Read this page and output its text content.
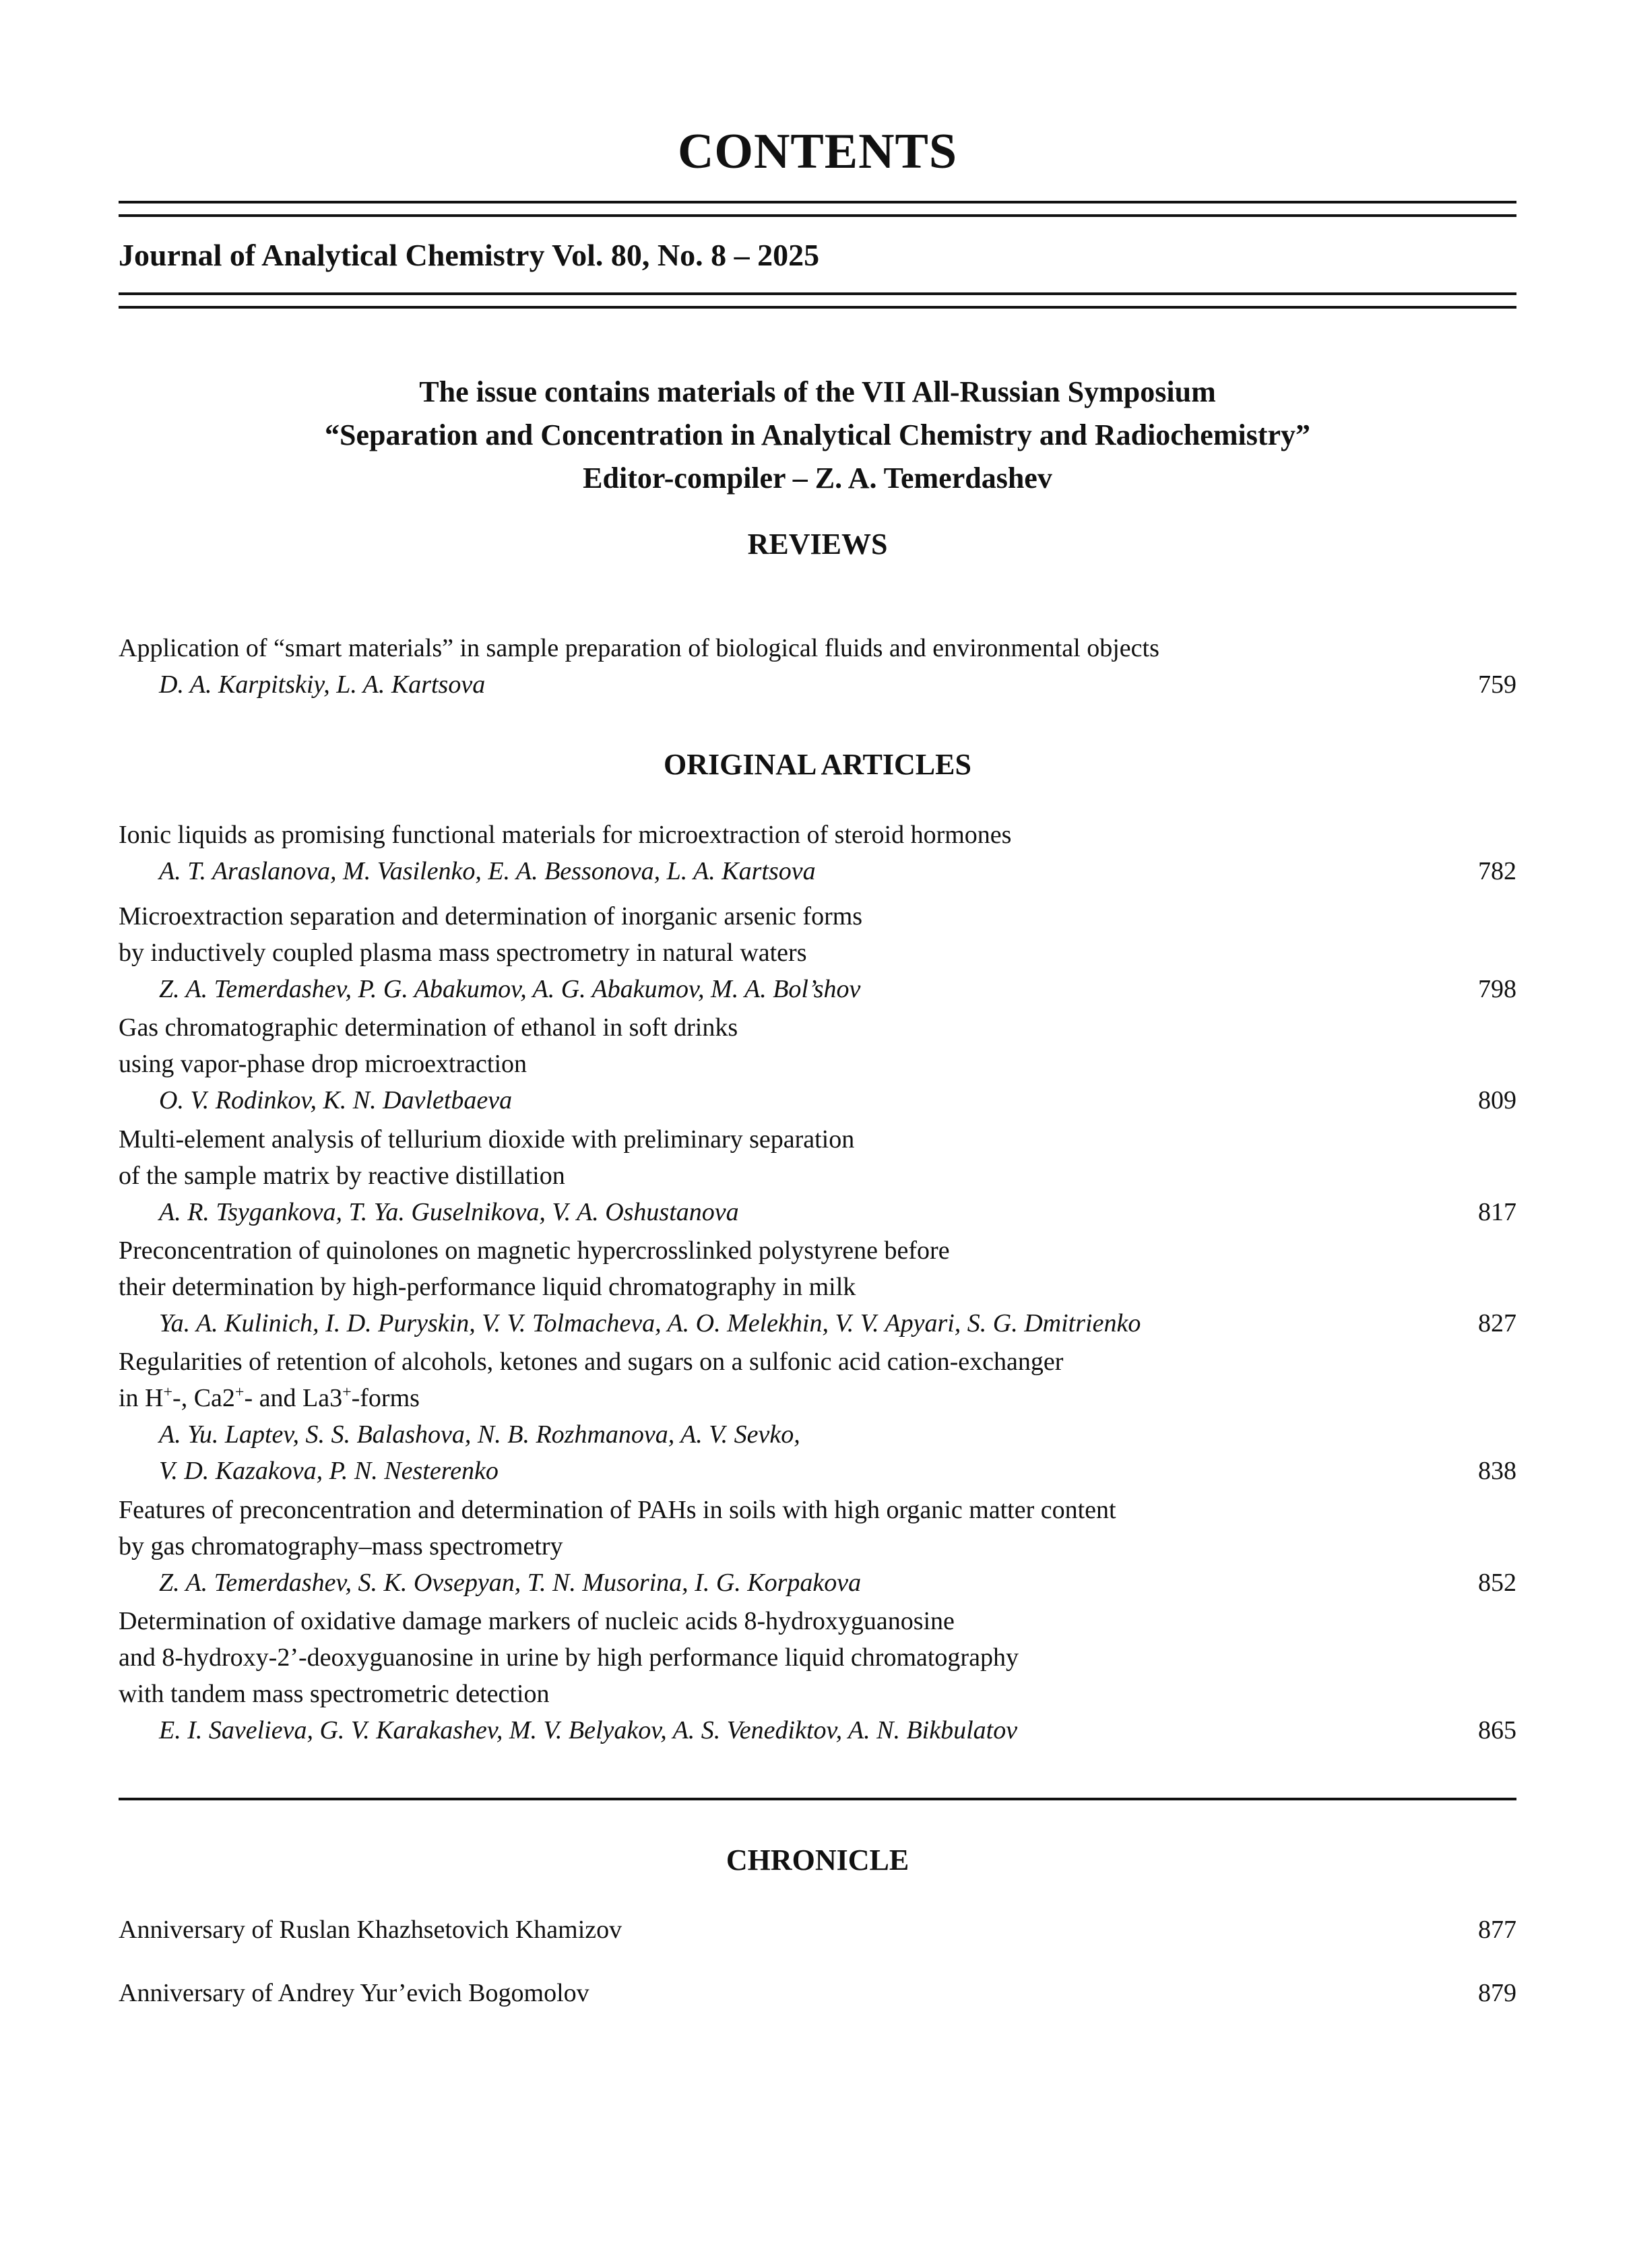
CONTENTS
Journal of Analytical Chemistry Vol. 80, No. 8 – 2025
The issue contains materials of the VII All-Russian Symposium
“Separation and Concentration in Analytical Chemistry and Radiochemistry”
Editor-compiler – Z. A. Temerdashev
REVIEWS
Application of “smart materials” in sample preparation of biological fluids and environmental objects
D. A. Karpitskiy, L. A. Kartsova	759
ORIGINAL ARTICLES
Ionic liquids as promising functional materials for microextraction of steroid hormones
A. T. Araslanova, M. Vasilenko, E. A. Bessonova, L. A. Kartsova	782
Microextraction separation and determination of inorganic arsenic forms
by inductively coupled plasma mass spectrometry in natural waters
Z. A. Temerdashev, P. G. Abakumov, A. G. Abakumov, M. A. Bol’shov	798
Gas chromatographic determination of ethanol in soft drinks
using vapor-phase drop microextraction
O. V. Rodinkov, K. N. Davletbaeva	809
Multi-element analysis of tellurium dioxide with preliminary separation
of the sample matrix by reactive distillation
A. R. Tsygankova, T. Ya. Guselnikova, V. A. Oshustanova	817
Preconcentration of quinolones on magnetic hypercrosslinked polystyrene before
their determination by high-performance liquid chromatography in milk
Ya. A. Kulinich, I. D. Puryskin, V. V. Tolmacheva, A. O. Melekhin, V. V. Apyari, S. G. Dmitrienko	827
Regularities of retention of alcohols, ketones and sugars on a sulfonic acid cation-exchanger
in H+-, Ca2+- and La3+-forms
A. Yu. Laptev, S. S. Balashova, N. B. Rozhmanova, A. V. Sevko,
V. D. Kazakova, P. N. Nesterenko	838
Features of preconcentration and determination of PAHs in soils with high organic matter content
by gas chromatography–mass spectrometry
Z. A. Temerdashev, S. K. Ovsepyan, T. N. Musorina, I. G. Korpakova	852
Determination of oxidative damage markers of nucleic acids 8-hydroxyguanosine
and 8-hydroxy-2’-deoxyguanosine in urine by high performance liquid chromatography
with tandem mass spectrometric detection
E. I. Savelieva, G. V. Karakashev, M. V. Belyakov, A. S. Venediktov, A. N. Bikbulatov	865
CHRONICLE
Anniversary of Ruslan Khazhsetovich Khamizov	877
Anniversary of Andrey Yur’evich Bogomolov	879
